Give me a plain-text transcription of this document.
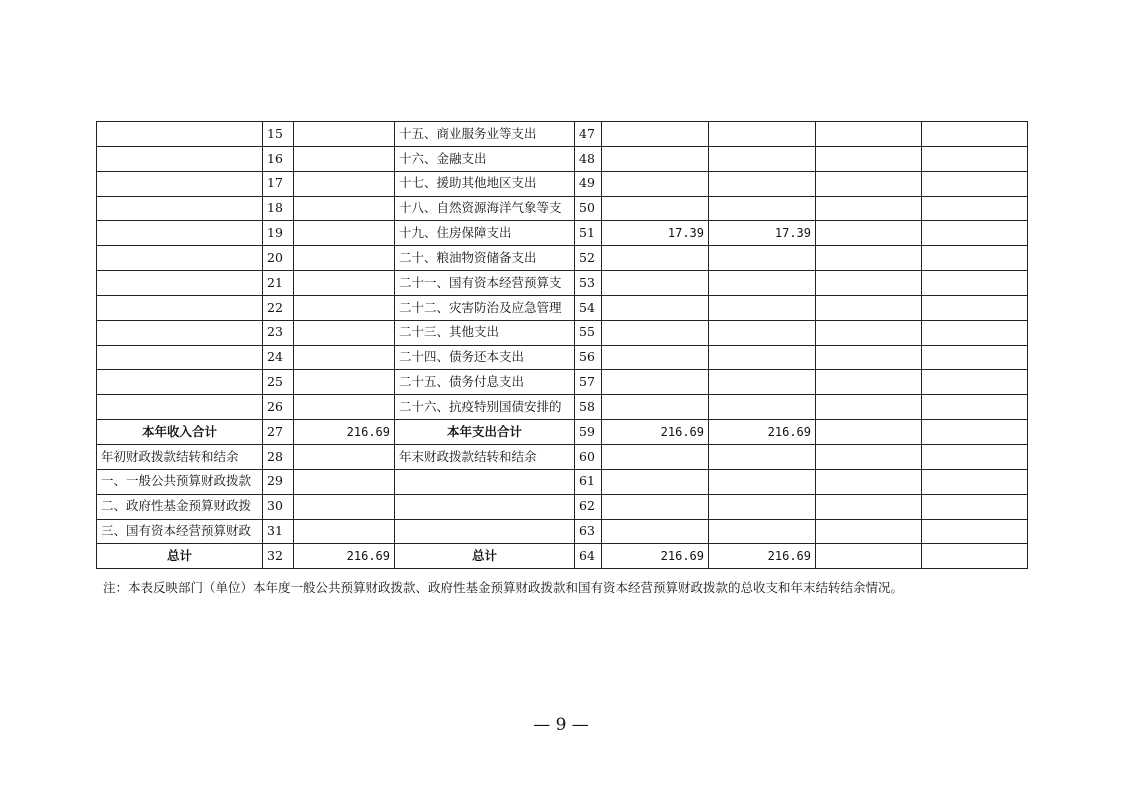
	15		十五、商业服务业等支出	47				
	16		十六、金融支出	48				
	17		十七、援助其他地区支出	49				
	18		十八、自然资源海洋气象等支	50				
	19		十九、住房保障支出	51	17.39	17.39		
	20		二十、粮油物资储备支出	52				
	21		二十一、国有资本经营预算支	53				
	22		二十二、灾害防治及应急管理	54				
	23		二十三、其他支出	55				
	24		二十四、债务还本支出	56				
	25		二十五、债务付息支出	57				
	26		二十六、抗疫特别国债安排的	58				
本年收入合计	27	216.69	本年支出合计	59	216.69	216.69		
年初财政拨款结转和结余	28		年末财政拨款结转和结余	60				
一、一般公共预算财政拨款	29			61				
二、政府性基金预算财政拨	30			62				
三、国有资本经营预算财政	31			63				
总计	32	216.69	总计	64	216.69	216.69		
注：本表反映部门（单位）本年度一般公共预算财政拨款、政府性基金预算财政拨款和国有资本经营预算财政拨款的总收支和年末结转结余情况。
— 9 —
